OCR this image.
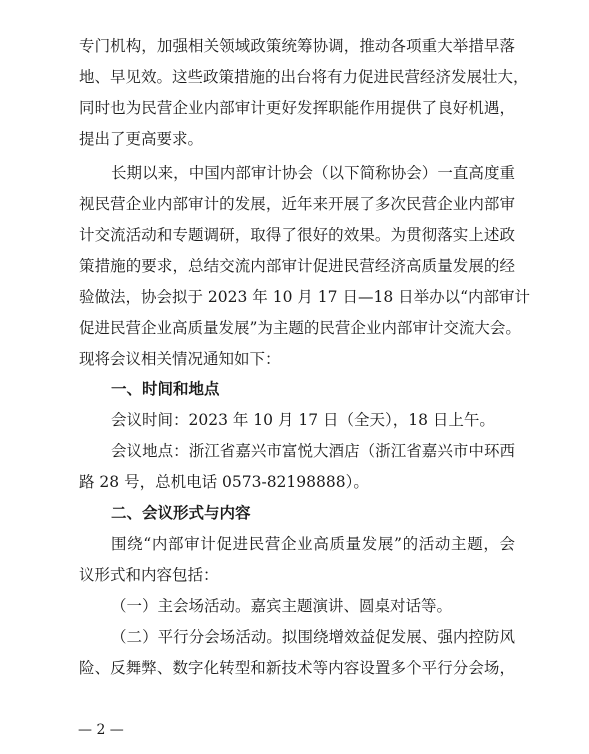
专门机构，加强相关领域政策统筹协调，推动各项重大举措早落
地、早见效。这些政策措施的出台将有力促进民营经济发展壮大，
同时也为民营企业内部审计更好发挥职能作用提供了良好机遇，
提出了更高要求。
长期以来，中国内部审计协会（以下简称协会）一直高度重
视民营企业内部审计的发展，近年来开展了多次民营企业内部审
计交流活动和专题调研，取得了很好的效果。为贯彻落实上述政
策措施的要求，总结交流内部审计促进民营经济高质量发展的经
验做法，协会拟于 2023 年 10 月 17 日—18 日举办以“内部审计
促进民营企业高质量发展”为主题的民营企业内部审计交流大会。
现将会议相关情况通知如下：
一、时间和地点
会议时间：2023 年 10 月 17 日（全天），18 日上午。
会议地点：浙江省嘉兴市富悦大酒店（浙江省嘉兴市中环西
路 28 号，总机电话 0573-82198888）。
二、会议形式与内容
围绕“内部审计促进民营企业高质量发展”的活动主题，会
议形式和内容包括：
（一）主会场活动。嘉宾主题演讲、圆桌对话等。
（二）平行分会场活动。拟围绕增效益促发展、强内控防风
险、反舞弊、数字化转型和新技术等内容设置多个平行分会场，
— 2 —
